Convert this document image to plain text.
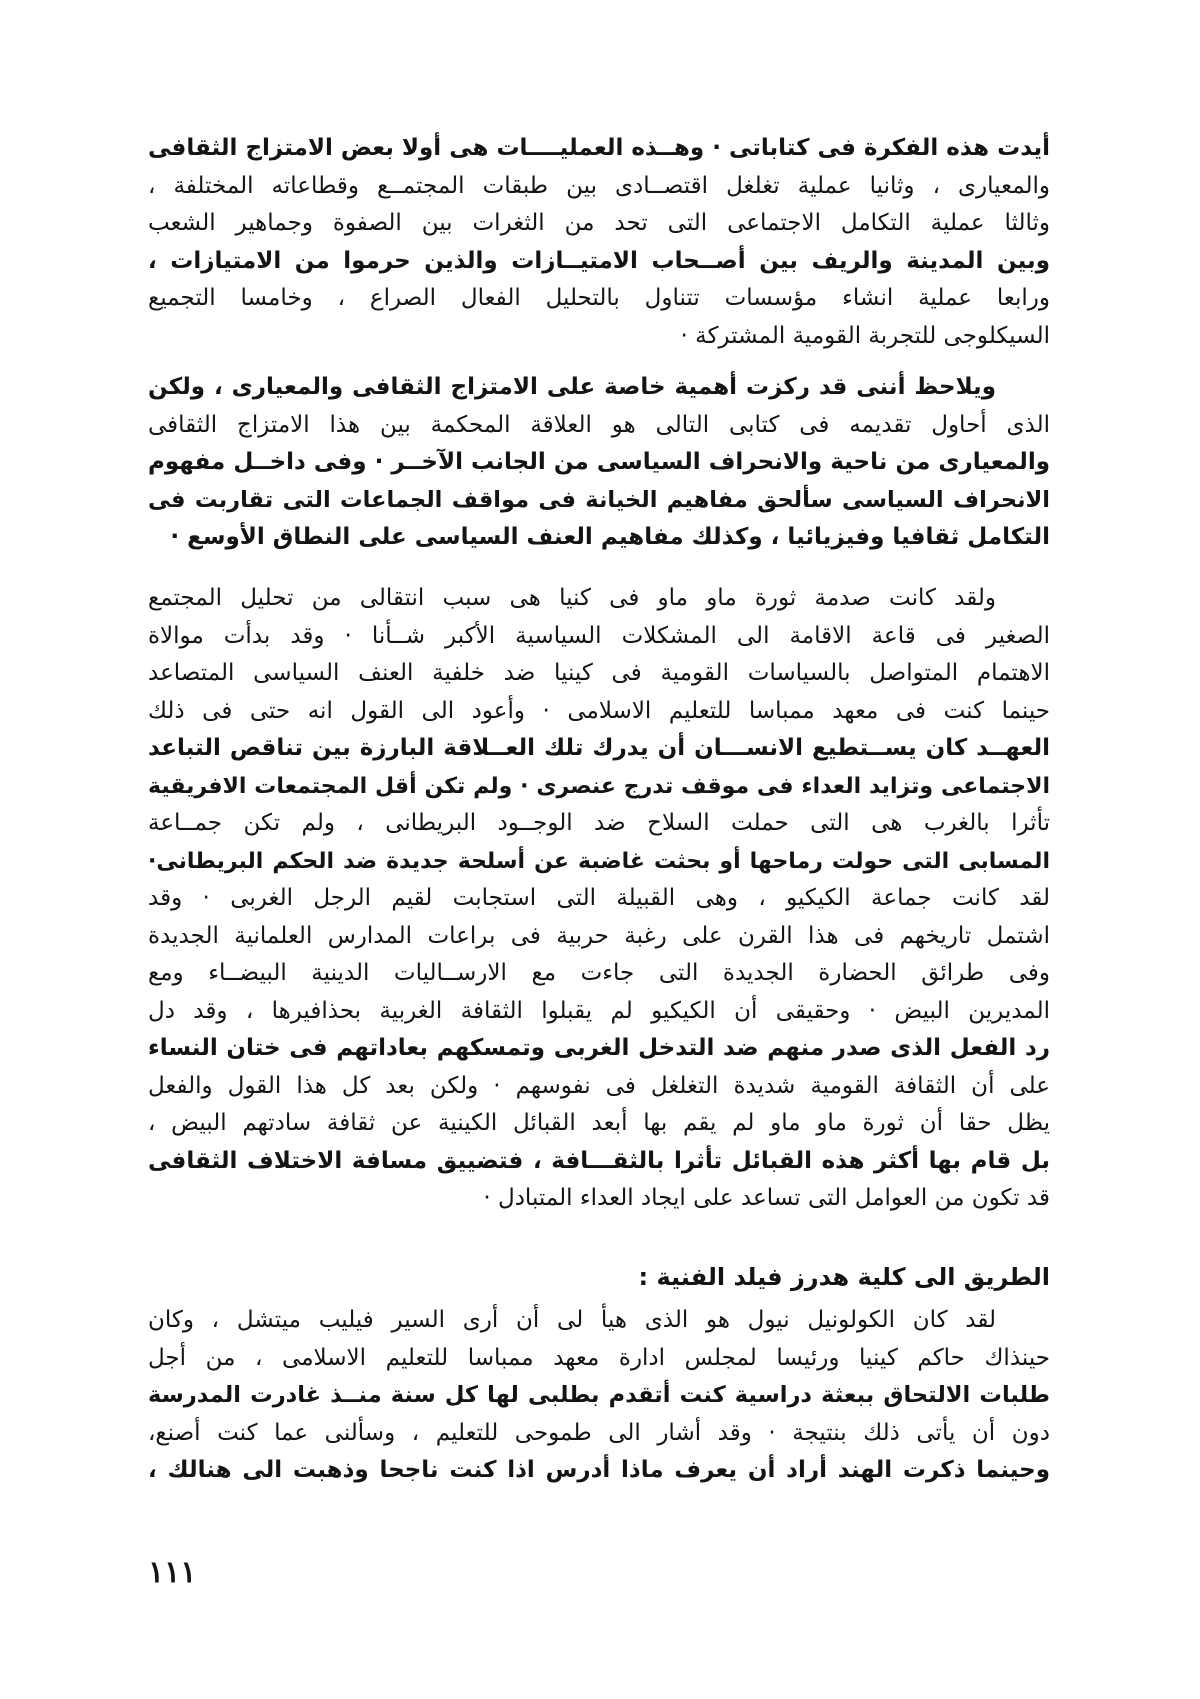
أيدت هذه الفكرة فى كتاباتى · وهــذه العمليــــات هى أولا بعض الامتزاج الثقافى
والمعيارى ، وثانيا عملية تغلغل اقتصــادى بين طبقات المجتمــع وقطاعاته المختلفة ،
وثالثا عملية التكامل الاجتماعى التى تحد من الثغرات بين الصفوة وجماهير الشعب
وبين المدينة والريف بين أصــحاب الامتيــازات والذين حرموا من الامتيازات ،
ورابعا عملية انشاء مؤسسات تتناول بالتحليل الفعال الصراع ، وخامسا التجميع
السيكلوجى للتجربة القومية المشتركة ·
ويلاحظ أننى قد ركزت أهمية خاصة على الامتزاج الثقافى والمعيارى ، ولكن
الذى أحاول تقديمه فى كتابى التالى هو العلاقة المحكمة بين هذا الامتزاج الثقافى
والمعيارى من ناحية والانحراف السياسى من الجانب الآخــر · وفى داخــل مفهوم
الانحراف السياسى سألحق مفاهيم الخيانة فى مواقف الجماعات التى تقاربت فى
التكامل ثقافيا وفيزيائيا ، وكذلك مفاهيم العنف السياسى على النطاق الأوسع ·
ولقد كانت صدمة ثورة ماو ماو فى كنيا هى سبب انتقالى من تحليل المجتمع
الصغير فى قاعة الاقامة الى المشكلات السياسية الأكبر شــأنا · وقد بدأت موالاة
الاهتمام المتواصل بالسياسات القومية فى كينيا ضد خلفية العنف السياسى المتصاعد
حينما كنت فى معهد ممباسا للتعليم الاسلامى · وأعود الى القول انه حتى فى ذلك
العهــد كان يســتطيع الانســـان أن يدرك تلك العــلاقة البارزة بين تناقص التباعد
الاجتماعى وتزايد العداء فى موقف تدرج عنصرى · ولم تكن أقل المجتمعات الافريقية
تأثرا بالغرب هى التى حملت السلاح ضد الوجــود البريطانى ، ولم تكن جمــاعة
المسابى التى حولت رماحها أو بحثت غاضبة عن أسلحة جديدة ضد الحكم البريطانى·
لقد كانت جماعة الكيكيو ، وهى القبيلة التى استجابت لقيم الرجل الغربى · وقد
اشتمل تاريخهم فى هذا القرن على رغبة حربية فى براعات المدارس العلمانية الجديدة
وفى طرائق الحضارة الجديدة التى جاءت مع الارســاليات الدينية البيضــاء ومع
المديرين البيض · وحقيقى أن الكيكيو لم يقبلوا الثقافة الغربية بحذافيرها ، وقد دل
رد الفعل الذى صدر منهم ضد التدخل الغربى وتمسكهم بعاداتهم فى ختان النساء
على أن الثقافة القومية شديدة التغلغل فى نفوسهم · ولكن بعد كل هذا القول والفعل
يظل حقا أن ثورة ماو ماو لم يقم بها أبعد القبائل الكينية عن ثقافة سادتهم البيض ،
بل قام بها أكثر هذه القبائل تأثرا بالثقـــافة ، فتضييق مسافة الاختلاف الثقافى
قد تكون من العوامل التى تساعد على ايجاد العداء المتبادل ·
الطريق الى كلية هدرز فيلد الفنية :
لقد كان الكولونيل نيول هو الذى هيأ لى أن أرى السير فيليب ميتشل ، وكان
حينذاك حاكم كينيا ورئيسا لمجلس ادارة معهد ممباسا للتعليم الاسلامى ، من أجل
طلبات الالتحاق ببعثة دراسية كنت أتقدم بطلبى لها كل سنة منــذ غادرت المدرسة
دون أن يأتى ذلك بنتيجة · وقد أشار الى طموحى للتعليم ، وسألنى عما كنت أصنع،
وحينما ذكرت الهند أراد أن يعرف ماذا أدرس اذا كنت ناجحا وذهبت الى هنالك ،
١١١
